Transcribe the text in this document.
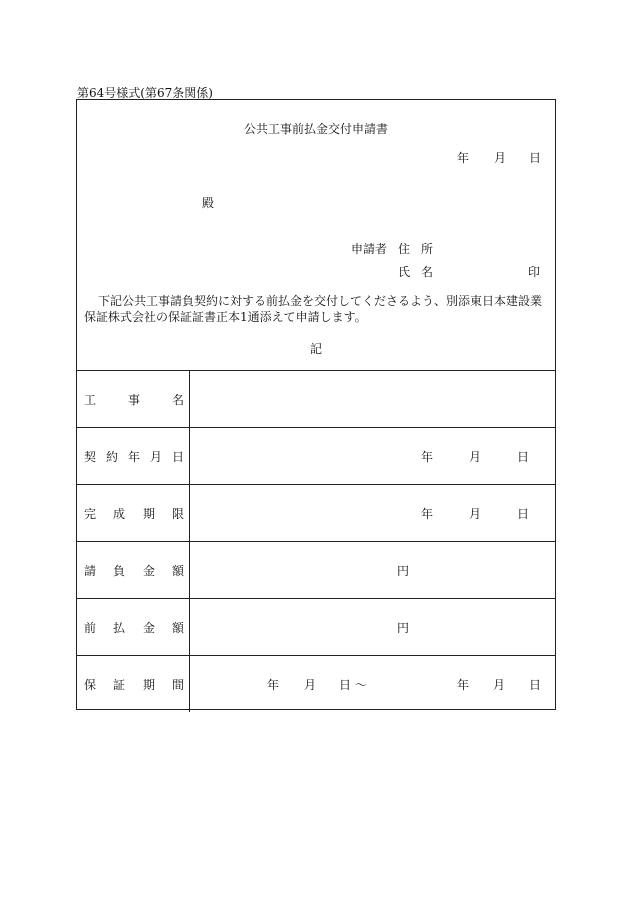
第64号様式(第67条関係)
公共工事前払金交付申請書
年 月 日
殿
申請者 住 所
氏 名	印
下記公共工事請負契約に対する前払金を交付してくださるよう、別添東日本建設業保証株式会社の保証証書正本1通添えて申請します。
記
工	事	名
契 約 年 月 日	年	月	日
完 成 期 限	年	月	日
請 負 金 額	円
前 払 金 額	円
保 証 期 間	年 月 日 〜	年 月 日
